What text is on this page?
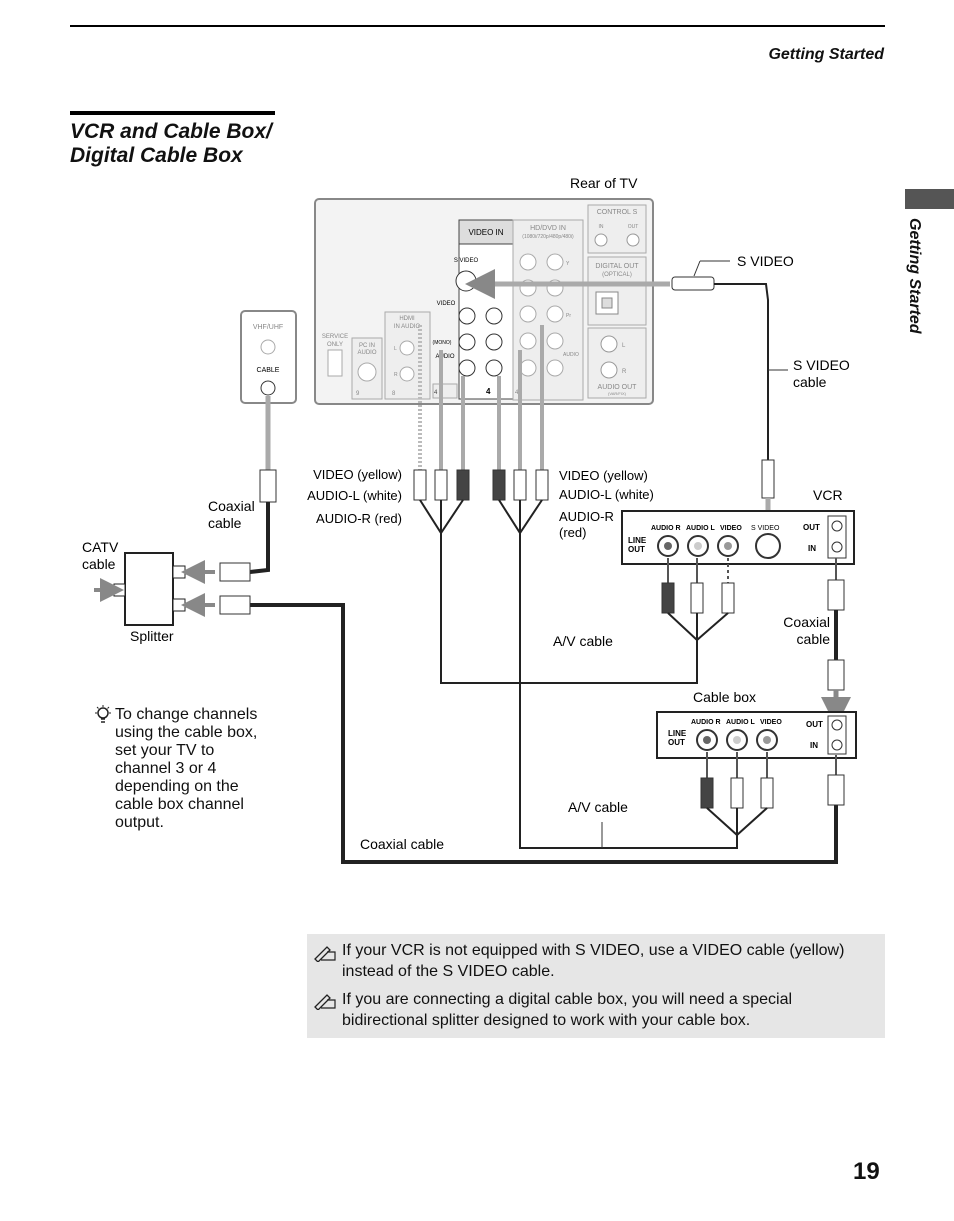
Getting Started
Getting Started
VCR and Cable Box/
Digital Cable Box
VIDEO IN	HD/DVD IN
(1080i/720p/480p/480i)
CONTROL S
IN	OUT
DIGITAL OUT
(OPTICAL)
L
R
AUDIO OUT
(VAR/FIX)
Y
Pr
AUDIO
4
S VIDEO
VIDEO
(MONO)
AUDIO
4
4
HDMI
IN AUDIO
L
R
8
PC IN
AUDIO
9
SERVICE
ONLY
VHF/UHF
CABLE
AUDIO R AUDIO L VIDEO S VIDEO
LINE
OUT
OUT
IN
AUDIO R AUDIO L VIDEO
LINE
OUT
OUT
IN
Rear of TV
S VIDEO
S VIDEO
cable
VIDEO (yellow)
AUDIO-L (white)
AUDIO-R (red)
VIDEO (yellow)
AUDIO-L (white)
AUDIO-R
(red)
Coaxial
cable
CATV
cable
Splitter
VCR
A/V cable
Coaxial
cable
Cable box
A/V cable
Coaxial cable
To change channels using the cable box, set your TV to channel 3 or 4 depending on the cable box channel output.
If your VCR is not equipped with S VIDEO, use a VIDEO cable (yellow) instead of the S VIDEO cable.
If you are connecting a digital cable box, you will need a special bidirectional splitter designed to work with your cable box.
19
